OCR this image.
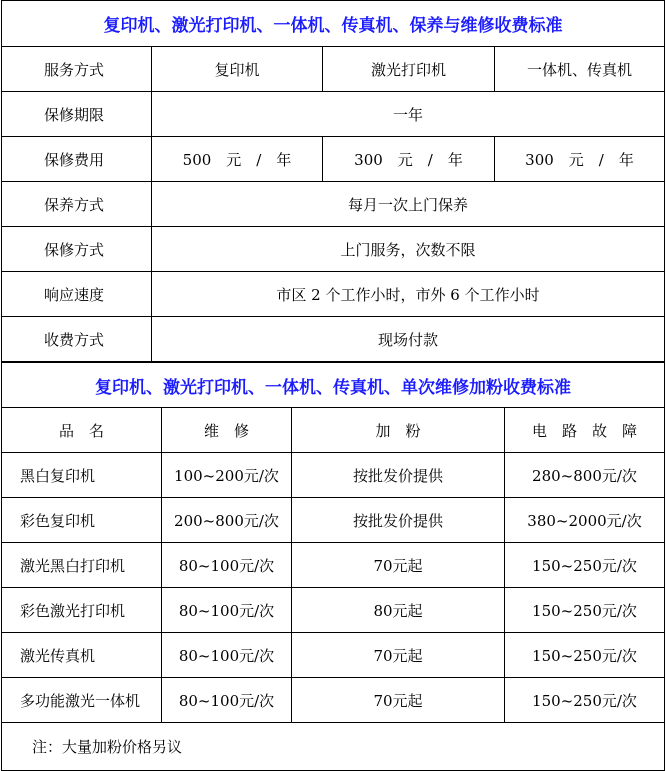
复印机、激光打印机、一体机、传真机、保养与维修收费标准			
服务方式	复印机	激光打印机	一体机、传真机
保修期限	一年		
保修费用	500　元　/　年	300　元　/　年	300　元　/　年
保养方式	每月一次上门保养		
保修方式	上门服务，次数不限		
响应速度	市区 2 个工作小时，市外 6 个工作小时		
收费方式	现场付款		
复印机、激光打印机、一体机、传真机、单次维修加粉收费标准			
品　名	维　修	加　粉	电　路　故　障
黑白复印机	100~200元/次	按批发价提供	280~800元/次
彩色复印机	200~800元/次	按批发价提供	380~2000元/次
激光黑白打印机	80~100元/次	70元起	150~250元/次
彩色激光打印机	80~100元/次	80元起	150~250元/次
激光传真机	80~100元/次	70元起	150~250元/次
多功能激光一体机	80~100元/次	70元起	150~250元/次
注：大量加粉价格另议			
